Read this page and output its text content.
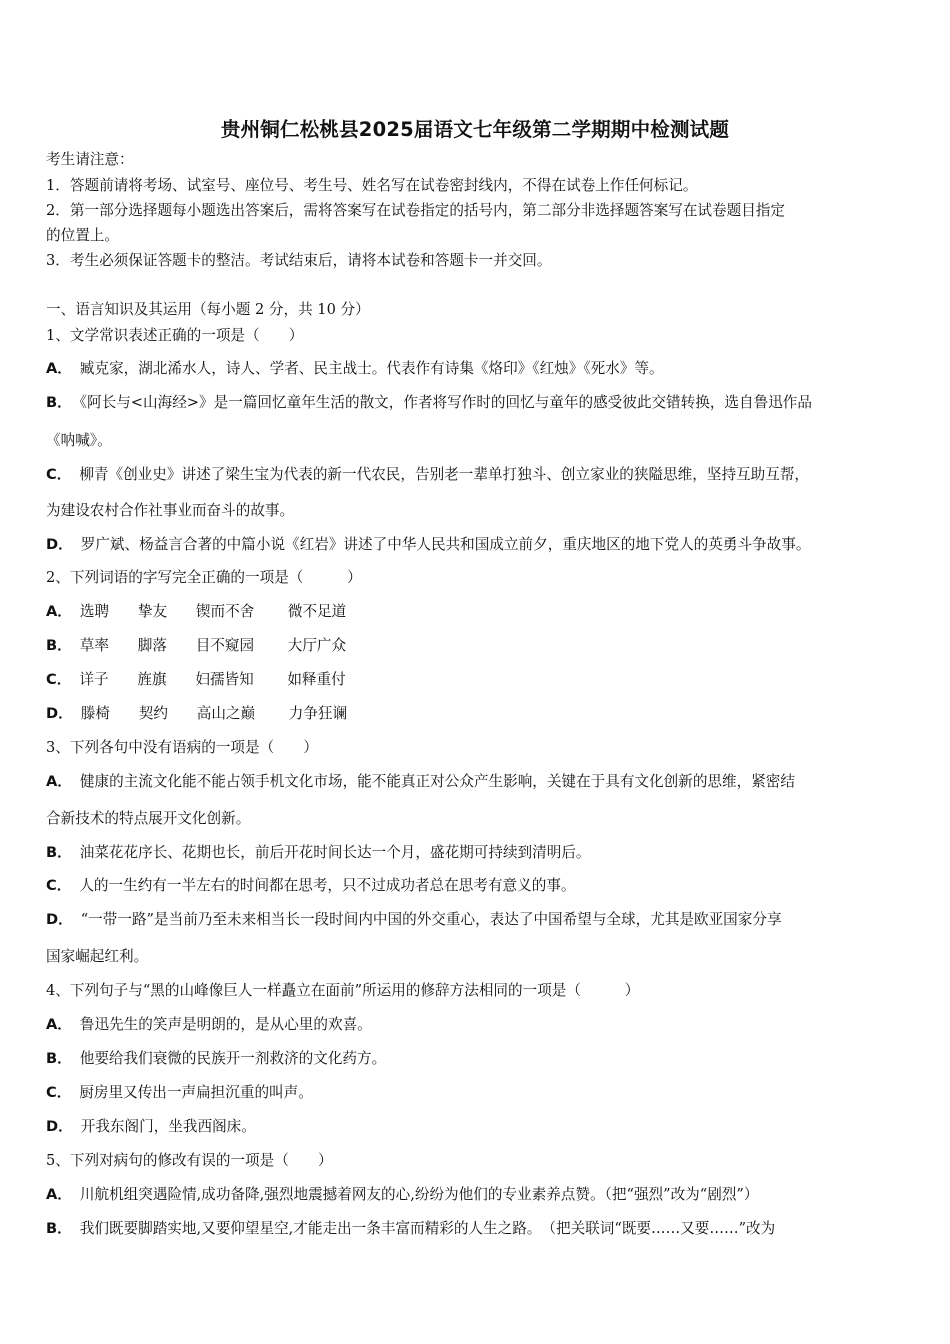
贵州铜仁松桃县2025届语文七年级第二学期期中检测试题
考生请注意：
1．答题前请将考场、试室号、座位号、考生号、姓名写在试卷密封线内，不得在试卷上作任何标记。
2．第一部分选择题每小题选出答案后，需将答案写在试卷指定的括号内，第二部分非选择题答案写在试卷题目指定
的位置上。
3．考生必须保证答题卡的整洁。考试结束后，请将本试卷和答题卡一并交回。
一、语言知识及其运用（每小题 2 分，共 10 分）
1、文学常识表述正确的一项是（　　）
A． 臧克家，湖北浠水人，诗人、学者、民主战士。代表作有诗集《烙印》《红烛》《死水》等。
B． 《阿长与<山海经>》是一篇回忆童年生活的散文，作者将写作时的回忆与童年的感受彼此交错转换，选自鲁迅作品
《呐喊》。
C． 柳青《创业史》讲述了梁生宝为代表的新一代农民，告别老一辈单打独斗、创立家业的狭隘思维，坚持互助互帮，
为建设农村合作社事业而奋斗的故事。
D． 罗广斌、杨益言合著的中篇小说《红岩》讲述了中华人民共和国成立前夕，重庆地区的地下党人的英勇斗争故事。
2、下列词语的字写完全正确的一项是（　　　）
A． 选聘 挚友 锲而不舍 微不足道
B． 草率 脚落 目不窥园 大厅广众
C． 详子 旌旗 妇孺皆知 如释重付
D． 滕椅 契约 高山之巅 力争狂谰
3、下列各句中没有语病的一项是（　　）
A． 健康的主流文化能不能占领手机文化市场，能不能真正对公众产生影响，关键在于具有文化创新的思维，紧密结
合新技术的特点展开文化创新。
B． 油菜花花序长、花期也长，前后开花时间长达一个月，盛花期可持续到清明后。
C． 人的一生约有一半左右的时间都在思考，只不过成功者总在思考有意义的事。
D． “一带一路”是当前乃至未来相当长一段时间内中国的外交重心，表达了中国希望与全球，尤其是欧亚国家分享
国家崛起红利。
4、下列句子与“黑的山峰像巨人一样矗立在面前”所运用的修辞方法相同的一项是（　　　）
A． 鲁迅先生的笑声是明朗的，是从心里的欢喜。
B． 他要给我们衰微的民族开一剂救济的文化药方。
C． 厨房里又传出一声扁担沉重的叫声。
D． 开我东阁门，坐我西阁床。
5、下列对病句的修改有误的一项是（　　）
A． 川航机组突遇险情,成功备降,强烈地震撼着网友的心,纷纷为他们的专业素养点赞。（把“强烈”改为“剧烈”）
B． 我们既要脚踏实地,又要仰望星空,才能走出一条丰富而精彩的人生之路。　（把关联词“既要……又要……”改为
